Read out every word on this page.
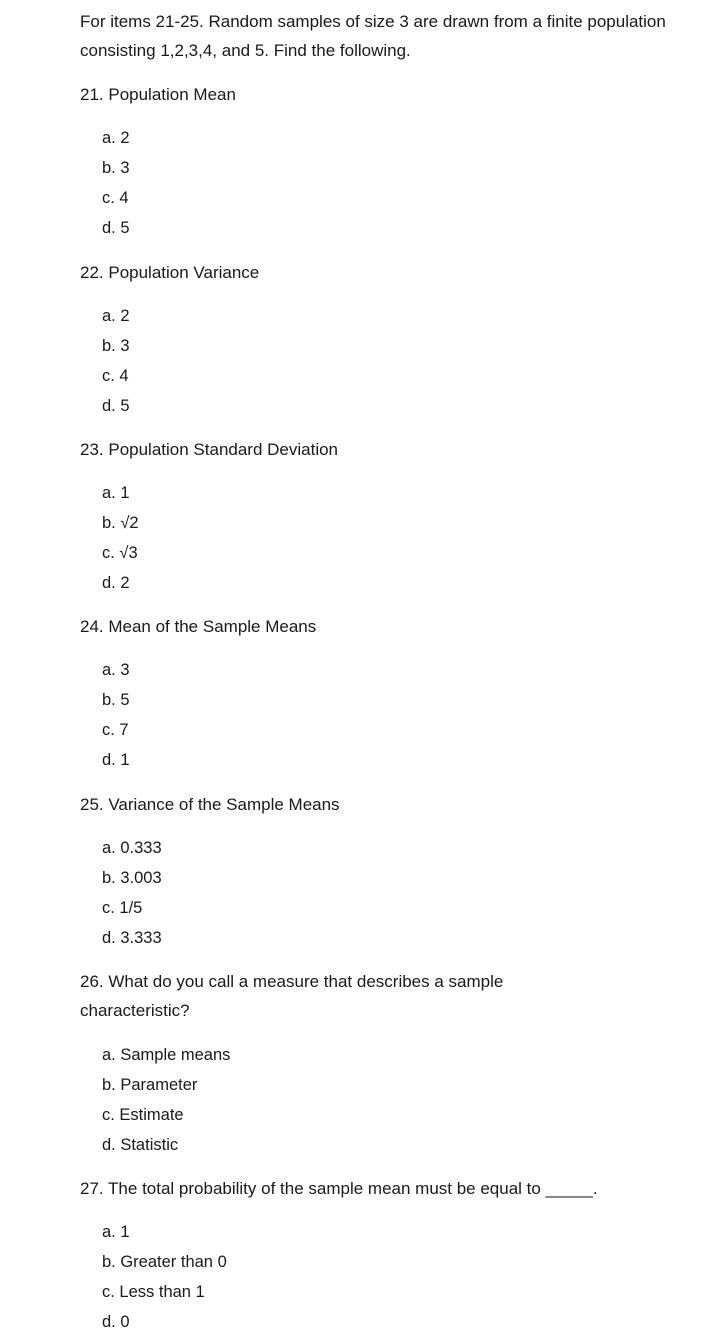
For items 21-25. Random samples of size 3 are drawn from a finite population consisting 1,2,3,4, and 5. Find the following.
21. Population Mean
a. 2
b. 3
c. 4
d. 5
22. Population Variance
a. 2
b. 3
c. 4
d. 5
23. Population Standard Deviation
a. 1
b. √2
c. √3
d. 2
24. Mean of the Sample Means
a. 3
b. 5
c. 7
d. 1
25. Variance of the Sample Means
a. 0.333
b. 3.003
c. 1/5
d. 3.333
26. What do you call a measure that describes a sample characteristic?
a. Sample means
b. Parameter
c. Estimate
d. Statistic
27. The total probability of the sample mean must be equal to _____.
a. 1
b. Greater than 0
c. Less than 1
d. 0
